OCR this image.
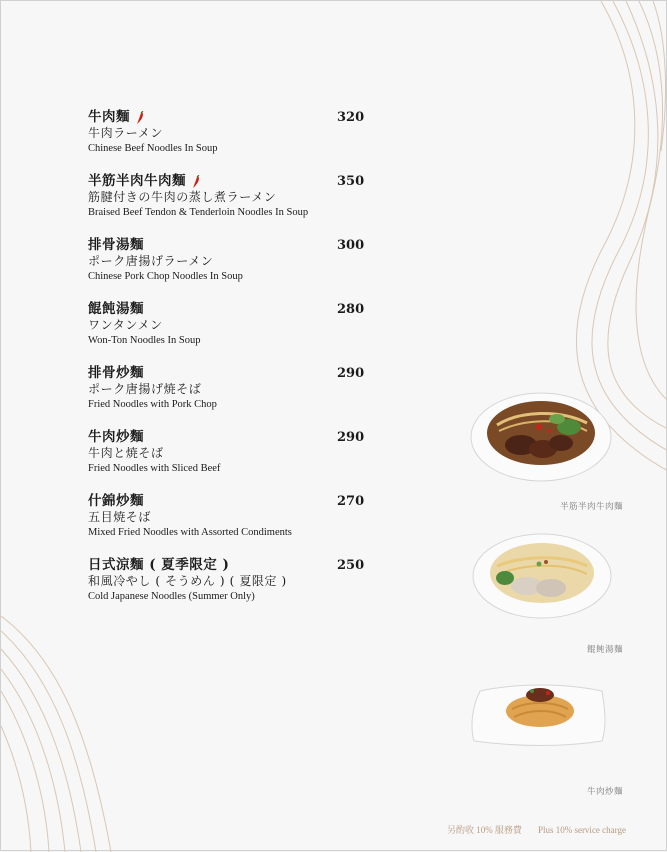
牛肉麵
牛肉ラーメン
Chinese Beef Noodles In Soup
320
半筋半肉牛肉麵
筋腱付きの牛肉の蒸し煮ラーメン
Braised Beef Tendon & Tenderloin Noodles In Soup
350
排骨湯麵
ポーク唐揚げラーメン
Chinese Pork Chop Noodles In Soup
300
餛飩湯麵
ワンタンメン
Won-Ton Noodles In Soup
280
排骨炒麵
ポーク唐揚げ焼そば
Fried Noodles with Pork Chop
290
牛肉炒麵
牛肉と焼そば
Fried Noodles with Sliced Beef
290
什錦炒麵
五目焼そば
Mixed Fried Noodles with Assorted Condiments
270
日式涼麵 ( 夏季限定 )
和風冷やし ( そうめん ) ( 夏限定 )
Cold Japanese Noodles (Summer Only)
250
半筋半肉牛肉麵
餛飩湯麵
牛肉炒麵
另酌收 10% 服務費 Plus 10% service charge
